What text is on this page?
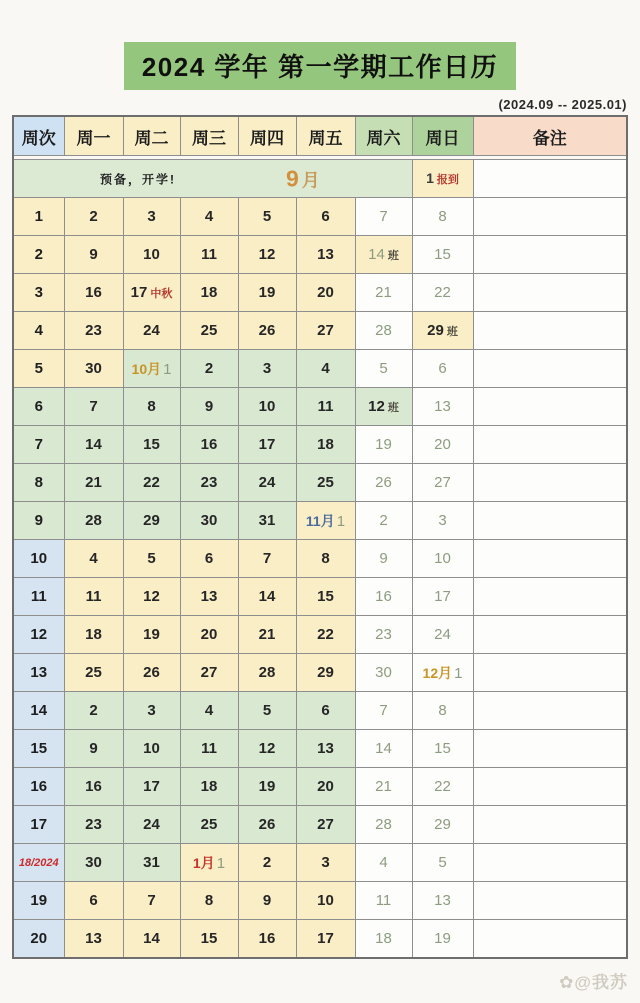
2024 学年 第一学期工作日历
(2024.09 -- 2025.01)
周次	周一	周二	周三	周四	周五	周六	周日	备注

预备，开学! 9 月							1 报到	
1	2	3	4	5	6	7	8	
2	9	10	11	12	13	14 班	15	
3	16	17 中秋	18	19	20	21	22	
4	23	24	25	26	27	28	29 班	
5	30	10月 1	2	3	4	5	6	
6	7	8	9	10	11	12 班	13	
7	14	15	16	17	18	19	20	
8	21	22	23	24	25	26	27	
9	28	29	30	31	11月 1	2	3	
10	4	5	6	7	8	9	10	
11	11	12	13	14	15	16	17	
12	18	19	20	21	22	23	24	
13	25	26	27	28	29	30	12月 1	
14	2	3	4	5	6	7	8	
15	9	10	11	12	13	14	15	
16	16	17	18	19	20	21	22	
17	23	24	25	26	27	28	29	
18/2024	30	31	1月 1	2	3	4	5	
19	6	7	8	9	10	11	13	
20	13	14	15	16	17	18	19	
✿@我苏
